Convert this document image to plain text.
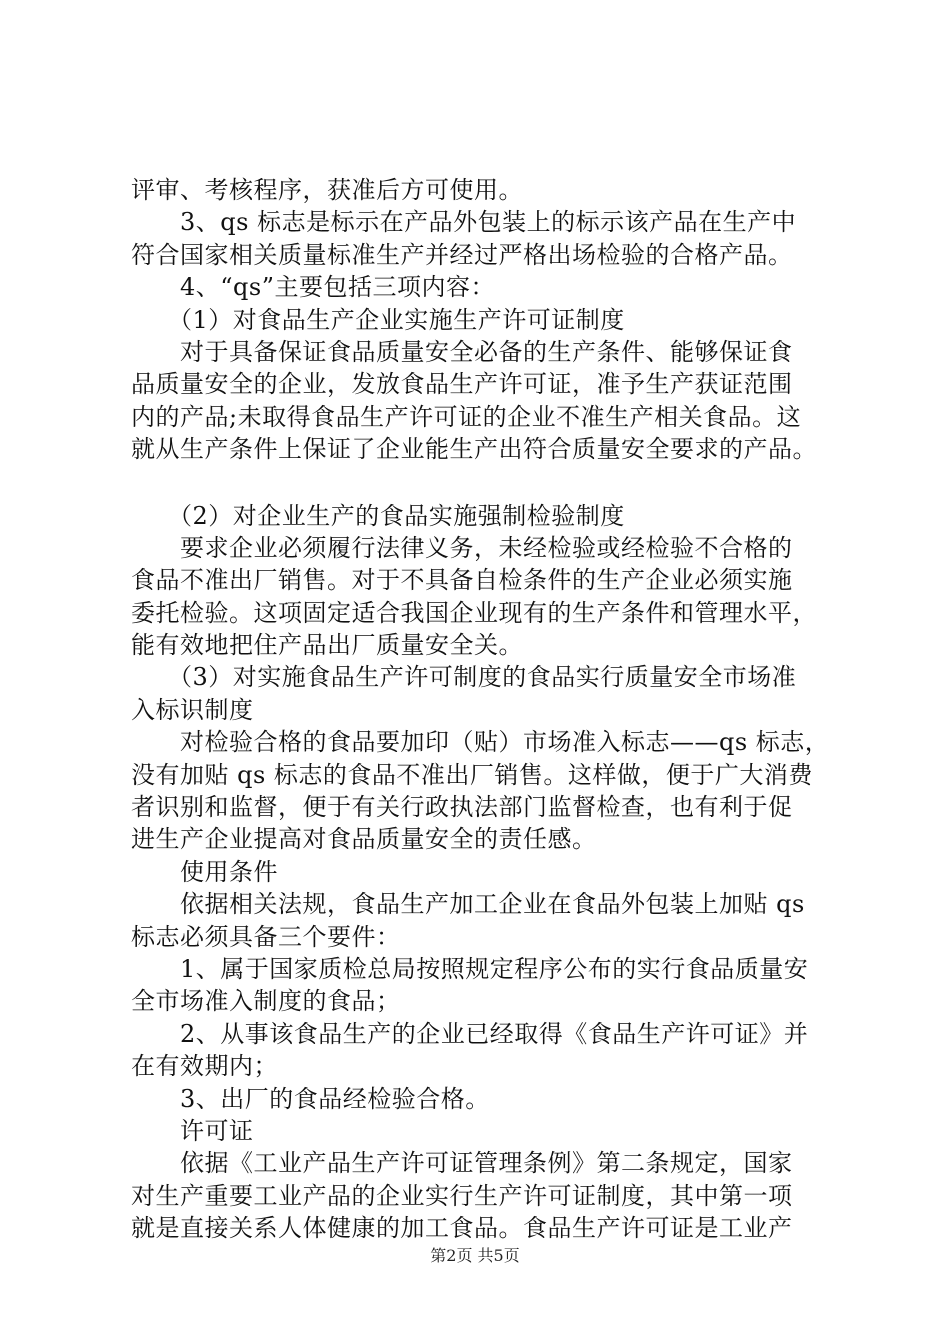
评审、考核程序，获准后方可使用。
　　3、qs 标志是标示在产品外包装上的标示该产品在生产中
符合国家相关质量标准生产并经过严格出场检验的合格产品。
　　4、“qs”主要包括三项内容：
　　（1）对食品生产企业实施生产许可证制度
　　对于具备保证食品质量安全必备的生产条件、能够保证食
品质量安全的企业，发放食品生产许可证，准予生产获证范围
内的产品;未取得食品生产许可证的企业不准生产相关食品。这
就从生产条件上保证了企业能生产出符合质量安全要求的产品。
　　（2）对企业生产的食品实施强制检验制度
　　要求企业必须履行法律义务，未经检验或经检验不合格的
食品不准出厂销售。对于不具备自检条件的生产企业必须实施
委托检验。这项固定适合我国企业现有的生产条件和管理水平，
能有效地把住产品出厂质量安全关。
　　（3）对实施食品生产许可制度的食品实行质量安全市场准
入标识制度
　　对检验合格的食品要加印（贴）市场准入标志——qs 标志，
没有加贴 qs 标志的食品不准出厂销售。这样做，便于广大消费
者识别和监督，便于有关行政执法部门监督检查，也有利于促
进生产企业提高对食品质量安全的责任感。
　　使用条件
　　依据相关法规，食品生产加工企业在食品外包装上加贴 qs
标志必须具备三个要件：
　　1、属于国家质检总局按照规定程序公布的实行食品质量安
全市场准入制度的食品；
　　2、从事该食品生产的企业已经取得《食品生产许可证》并
在有效期内；
　　3、出厂的食品经检验合格。
　　许可证
　　依据《工业产品生产许可证管理条例》第二条规定，国家
对生产重要工业产品的企业实行生产许可证制度，其中第一项
就是直接关系人体健康的加工食品。食品生产许可证是工业产
第2页 共5页
